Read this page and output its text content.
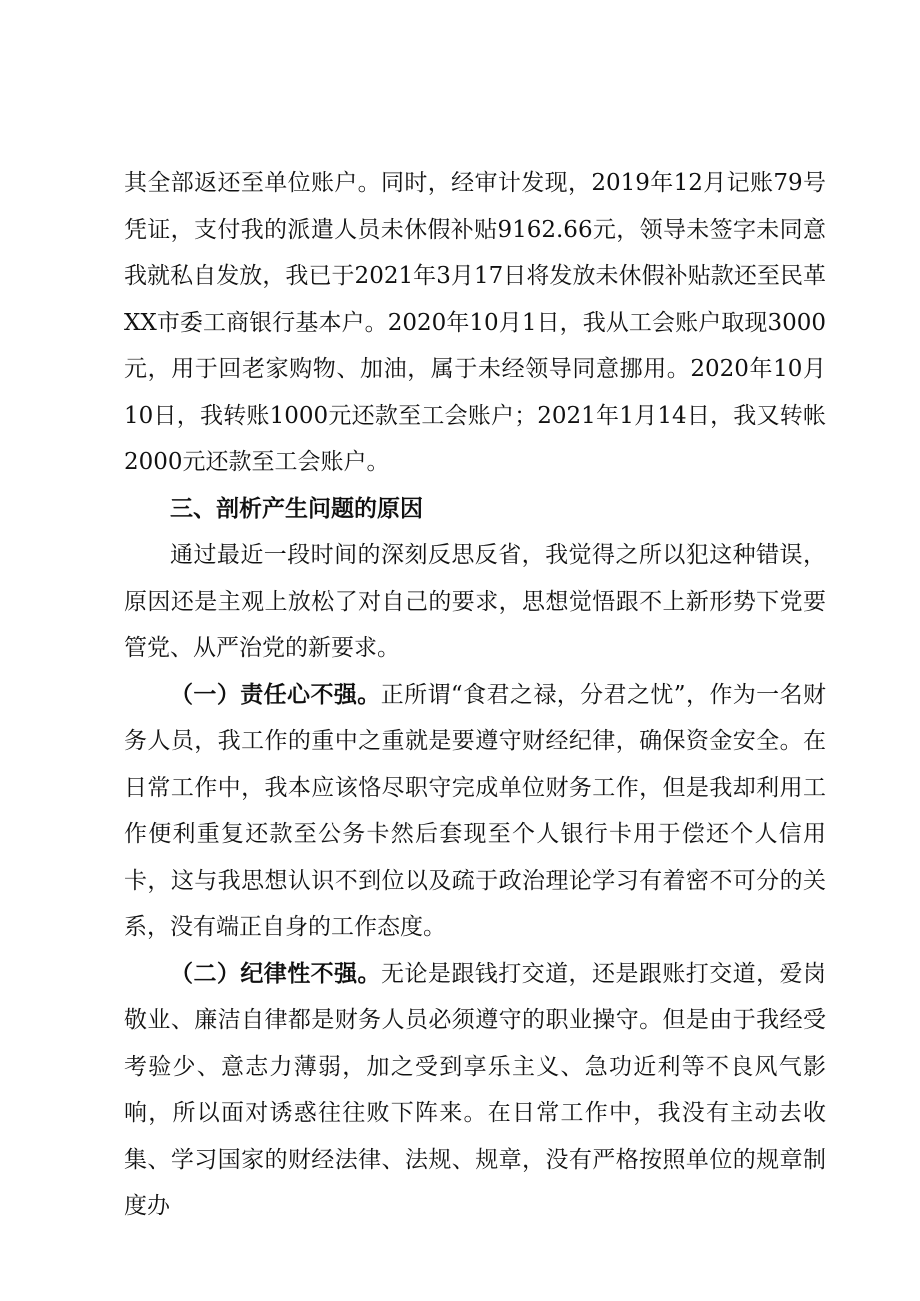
其全部返还至单位账户。同时，经审计发现，2019年12月记账79号凭证，支付我的派遣人员未休假补贴9162.66元，领导未签字未同意我就私自发放，我已于2021年3月17日将发放未休假补贴款还至民革XX市委工商银行基本户。2020年10月1日，我从工会账户取现3000元，用于回老家购物、加油，属于未经领导同意挪用。2020年10月10日，我转账1000元还款至工会账户；2021年1月14日，我又转帐2000元还款至工会账户。

三、剖析产生问题的原因

通过最近一段时间的深刻反思反省，我觉得之所以犯这种错误，原因还是主观上放松了对自己的要求，思想觉悟跟不上新形势下党要管党、从严治党的新要求。

（一）责任心不强。正所谓“食君之禄，分君之忧”，作为一名财务人员，我工作的重中之重就是要遵守财经纪律，确保资金安全。在日常工作中，我本应该恪尽职守完成单位财务工作，但是我却利用工作便利重复还款至公务卡然后套现至个人银行卡用于偿还个人信用卡，这与我思想认识不到位以及疏于政治理论学习有着密不可分的关系，没有端正自身的工作态度。

（二）纪律性不强。无论是跟钱打交道，还是跟账打交道，爱岗敬业、廉洁自律都是财务人员必须遵守的职业操守。但是由于我经受考验少、意志力薄弱，加之受到享乐主义、急功近利等不良风气影响，所以面对诱惑往往败下阵来。在日常工作中，我没有主动去收集、学习国家的财经法律、法规、规章，没有严格按照单位的规章制度办
